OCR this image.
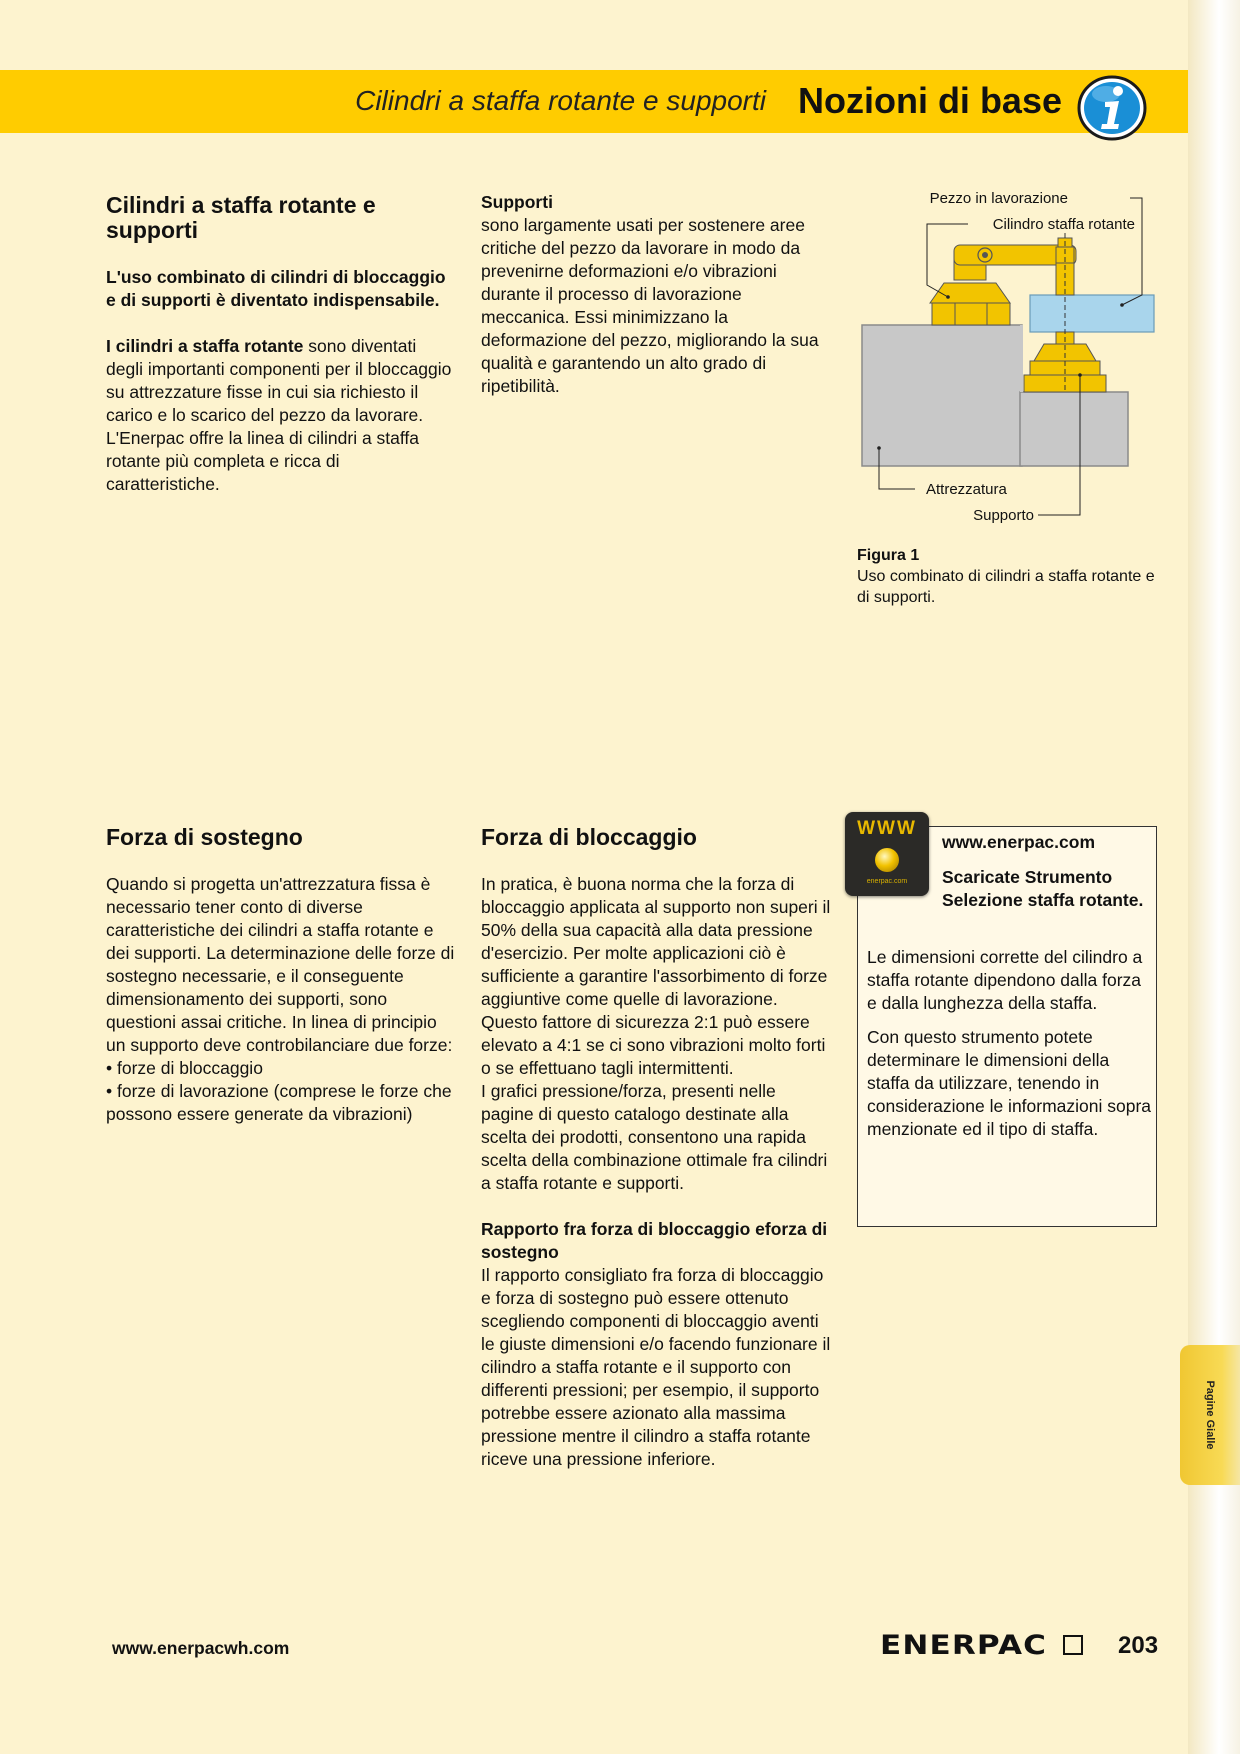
Pagine Gialle
Cilindri a staffa rotante e supporti Nozioni di base
Cilindri a staffa rotante e supporti

L'uso combinato di cilindri di bloccaggio e di supporti è diventato indispensabile.

I cilindri a staffa rotante sono diventati degli importanti componenti per il bloccaggio su attrezzature fisse in cui sia richiesto il carico e lo scarico del pezzo da lavorare. L'Enerpac offre la linea di cilindri a staffa rotante più completa e ricca di caratteristiche.

Supporti

sono largamente usati per sostenere aree critiche del pezzo da lavorare in modo da prevenirne deformazioni e/o vibrazioni durante il processo di lavorazione meccanica. Essi minimizzano la deformazione del pezzo, migliorando la sua qualità e garantendo un alto grado di ripetibilità.

Pezzo in lavorazione
Cilindro staffa rotante
Attrezzatura
Supporto
Figura 1
Uso combinato di cilindri a staffa rotante e di supporti.
Forza di sostegno

Quando si progetta un'attrezzatura fissa è necessario tener conto di diverse caratteristiche dei cilindri a staffa rotante e dei supporti. La determinazione delle forze di sostegno necessarie, e il conseguente dimensionamento dei supporti, sono questioni assai critiche. In linea di principio un supporto deve controbilanciare due forze:

• forze di bloccaggio

• forze di lavorazione (comprese le forze che possono essere generate da vibrazioni)

Forza di bloccaggio

In pratica, è buona norma che la forza di bloccaggio applicata al supporto non superi il 50% della sua capacità alla data pressione d'esercizio. Per molte applicazioni ciò è sufficiente a garantire l'assorbimento di forze aggiuntive come quelle di lavorazione. Questo fattore di sicurezza 2:1 può essere elevato a 4:1 se ci sono vibrazioni molto forti o se effettuano tagli intermittenti.

I grafici pressione/forza, presenti nelle pagine di questo catalogo destinate alla scelta dei prodotti, consentono una rapida scelta della combinazione ottimale fra cilindri a staffa rotante e supporti.

Rapporto fra forza di bloccaggio eforza di sostegno

Il rapporto consigliato fra forza di bloccaggio e forza di sostegno può essere ottenuto scegliendo componenti di bloccaggio aventi le giuste dimensioni e/o facendo funzionare il cilindro a staffa rotante e il supporto con differenti pressioni; per esempio, il supporto potrebbe essere azionato alla massima pressione mentre il cilindro a staffa rotante riceve una pressione inferiore.

WWW
enerpac.com
www.enerpac.com
Scaricate Strumento Selezione staffa rotante.

Le dimensioni corrette del cilindro a staffa rotante dipendono dalla forza e dalla lunghezza della staffa.

Con questo strumento potete determinare le dimensioni della staffa da utilizzare, tenendo in considerazione le informazioni sopra menzionate ed il tipo di staffa.

www.enerpacwh.com	ENERPAC	203
